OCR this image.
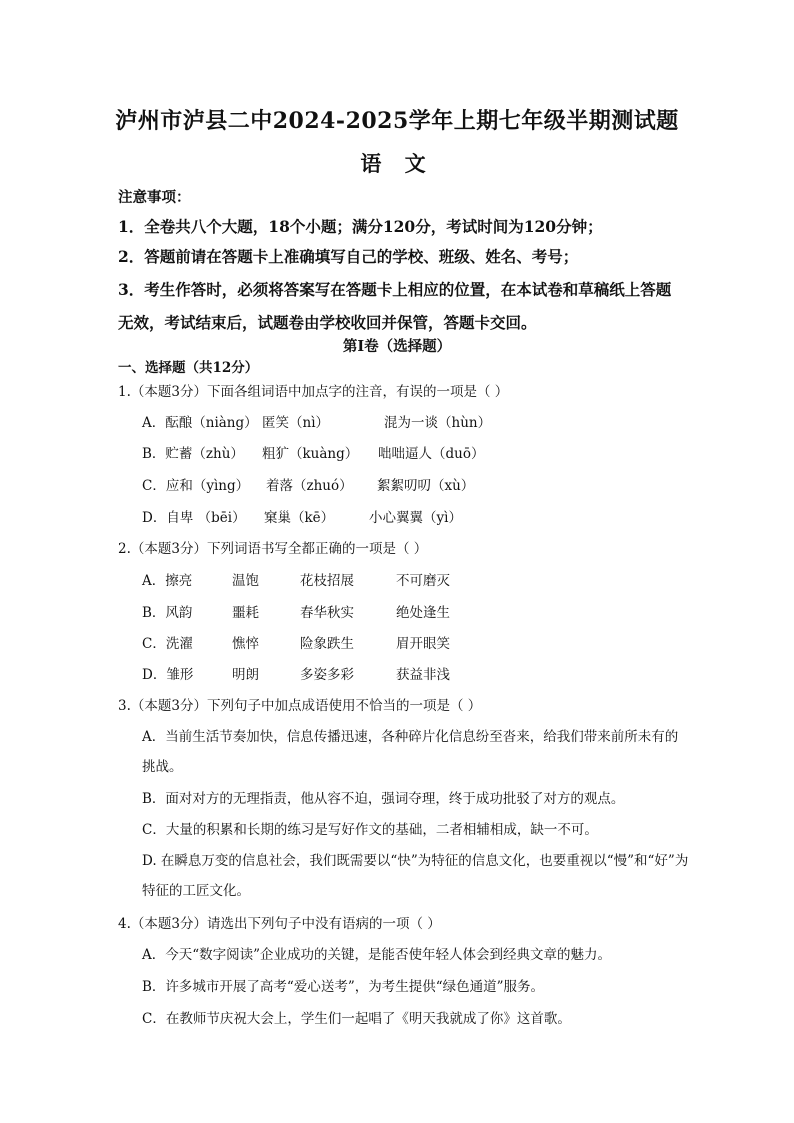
泸州市泸县二中2024-2025学年上期七年级半期测试题
语 文
注意事项：
1．全卷共八个大题，18个小题；满分120分，考试时间为120分钟；
2．答题前请在答题卡上准确填写自己的学校、班级、姓名、考号；
3．考生作答时，必须将答案写在答题卡上相应的位置，在本试卷和草稿纸上答题无效，考试结束后，试题卷由学校收回并保管，答题卡交回。
第Ⅰ卷（选择题）
一、选择题（共12分）
1.（本题3分）下面各组词语中加点字的注音，有误的一项是（ ）
A．酝酿（niàng） 匿笑（nì）	混为一谈（hùn）
B．贮蓄（zhù） 粗犷（kuàng） 咄咄逼人（duō）
C．应和（yìng） 着落（zhuó） 絮絮叨叨（xù）
D．自卑 （bēi） 窠巢（kē）	小心翼翼（yì）
2.（本题3分）下列词语书写全都正确的一项是（ ）
A．擦亮	温饱	花枝招展	不可磨灭
B．风韵	噩耗	春华秋实	绝处逢生
C．洗濯	憔悴	险象跌生	眉开眼笑
D．雏形	明朗	多姿多彩	获益非浅
3.（本题3分）下列句子中加点成语使用不恰当的一项是（ ）
A．当前生活节奏加快，信息传播迅速，各种碎片化信息纷至沓来，给我们带来前所未有的挑战。
B．面对对方的无理指责，他从容不迫，强词夺理，终于成功批驳了对方的观点。
C．大量的积累和长期的练习是写好作文的基础，二者相辅相成，缺一不可。
D. 在瞬息万变的信息社会，我们既需要以“快”为特征的信息文化，也要重视以“慢”和“好”为特征的工匠文化。
4.（本题3分）请选出下列句子中没有语病的一项（ ）
A．今天“数字阅读”企业成功的关键，是能否使年轻人体会到经典文章的魅力。
B．许多城市开展了高考“爱心送考”，为考生提供“绿色通道”服务。
C．在教师节庆祝大会上，学生们一起唱了《明天我就成了你》这首歌。
